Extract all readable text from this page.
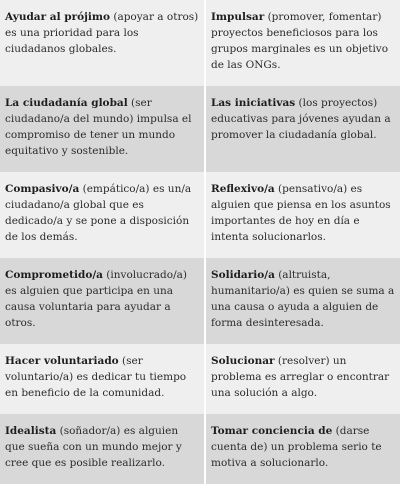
Ayudar al prójimo (apoyar a otros) es una prioridad para los ciudadanos globales.
Impulsar (promover, fomentar) proyectos beneficiosos para los grupos marginales es un objetivo de las ONGs.
La ciudadanía global (ser ciudadano/a del mundo) impulsa el compromiso de tener un mundo equitativo y sostenible.
Las iniciativas (los proyectos) educativas para jóvenes ayudan a promover la ciudadanía global.
Compasivo/a (empático/a) es un/a ciudadano/a global que es dedicado/a y se pone a disposición de los demás.
Reflexivo/a (pensativo/a) es alguien que piensa en los asuntos importantes de hoy en día e intenta solucionarlos.
Comprometido/a (involucrado/a) es alguien que participa en una causa voluntaria para ayudar a otros.
Solidario/a (altruista, humanitario/a) es quien se suma a una causa o ayuda a alguien de forma desinteresada.
Hacer voluntariado (ser voluntario/a) es dedicar tu tiempo en beneficio de la comunidad.
Solucionar (resolver) un problema es arreglar o encontrar una solución a algo.
Idealista (soñador/a) es alguien que sueña con un mundo mejor y cree que es posible realizarlo.
Tomar conciencia de (darse cuenta de) un problema serio te motiva a solucionarlo.
